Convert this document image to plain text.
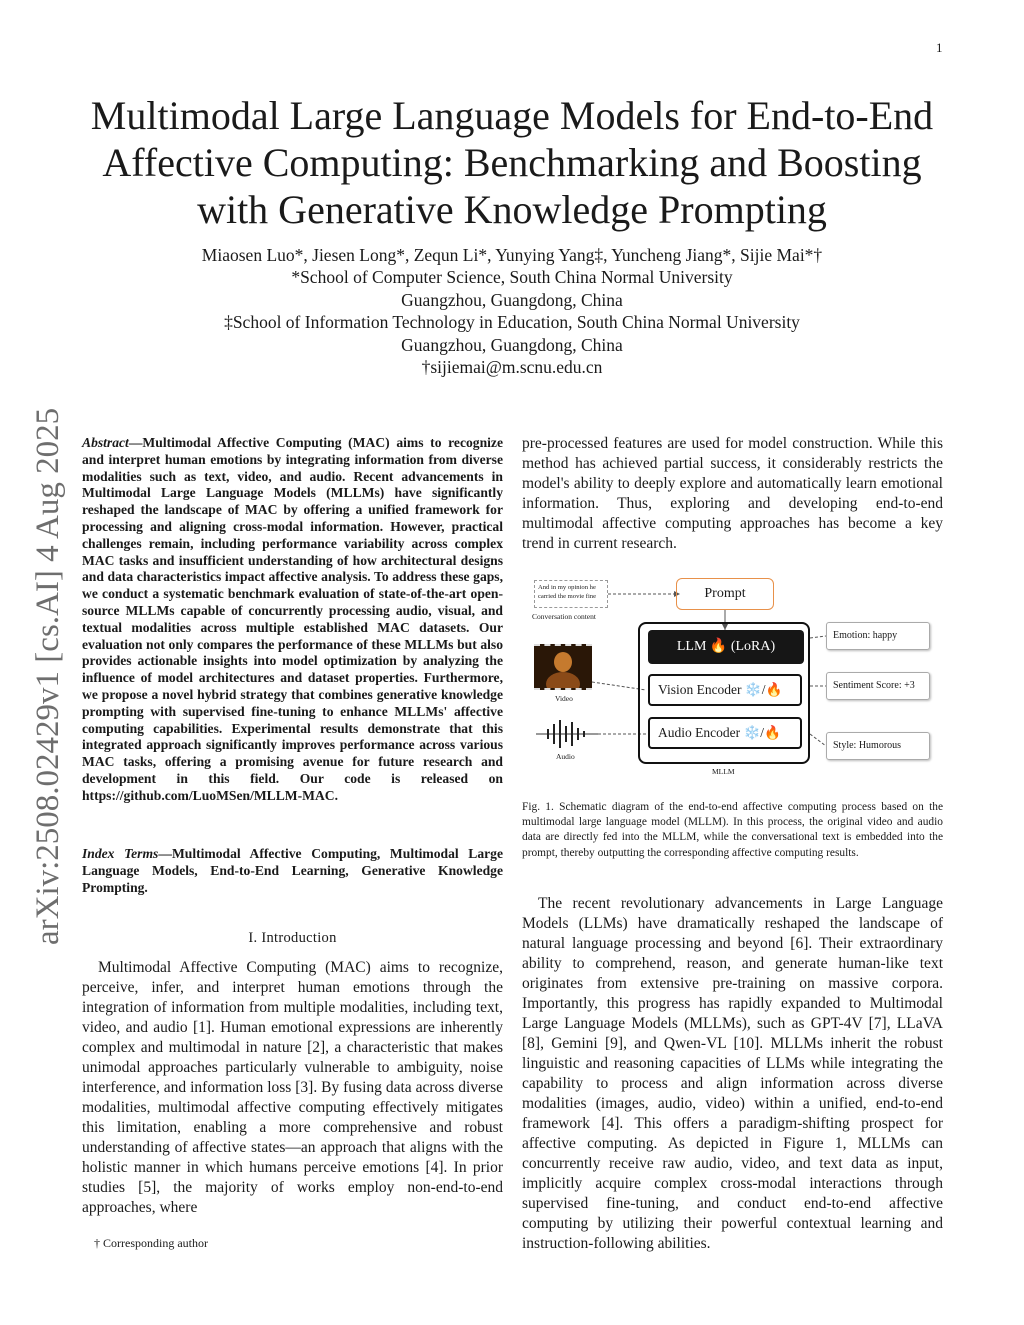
1
arXiv:2508.02429v1 [cs.AI] 4 Aug 2025
Multimodal Large Language Models for End-to-End
Affective Computing: Benchmarking and Boosting
with Generative Knowledge Prompting
Miaosen Luo*, Jiesen Long*, Zequn Li*, Yunying Yang‡, Yuncheng Jiang*, Sijie Mai*†
*School of Computer Science, South China Normal University
Guangzhou, Guangdong, China
‡School of Information Technology in Education, South China Normal University
Guangzhou, Guangdong, China
†sijiemai@m.scnu.edu.cn
Abstract—Multimodal Affective Computing (MAC) aims to recognize and interpret human emotions by integrating information from diverse modalities such as text, video, and audio. Recent advancements in Multimodal Large Language Models (MLLMs) have significantly reshaped the landscape of MAC by offering a unified framework for processing and aligning cross-modal information. However, practical challenges remain, including performance variability across complex MAC tasks and insufficient understanding of how architectural designs and data characteristics impact affective analysis. To address these gaps, we conduct a systematic benchmark evaluation of state-of-the-art open-source MLLMs capable of concurrently processing audio, visual, and textual modalities across multiple established MAC datasets. Our evaluation not only compares the performance of these MLLMs but also provides actionable insights into model optimization by analyzing the influence of model architectures and dataset properties. Furthermore, we propose a novel hybrid strategy that combines generative knowledge prompting with supervised fine-tuning to enhance MLLMs' affective computing capabilities. Experimental results demonstrate that this integrated approach significantly improves performance across various MAC tasks, offering a promising avenue for future research and development in this field. Our code is released on https://github.com/LuoMSen/MLLM-MAC.
Index Terms—Multimodal Affective Computing, Multimodal Large Language Models, End-to-End Learning, Generative Knowledge Prompting.
I. Introduction
Multimodal Affective Computing (MAC) aims to recognize, perceive, infer, and interpret human emotions through the integration of information from multiple modalities, including text, video, and audio [1]. Human emotional expressions are inherently complex and multimodal in nature [2], a characteristic that makes unimodal approaches particularly vulnerable to ambiguity, noise interference, and information loss [3]. By fusing data across diverse modalities, multimodal affective computing effectively mitigates this limitation, enabling a more comprehensive and robust understanding of affective states—an approach that aligns with the holistic manner in which humans perceive emotions [4]. In prior studies [5], the majority of works employ non-end-to-end approaches, where
† Corresponding author
pre-processed features are used for model construction. While this method has achieved partial success, it considerably restricts the model's ability to deeply explore and automatically learn emotional information. Thus, exploring and developing end-to-end multimodal affective computing approaches has become a key trend in current research.
And in my opinion he carried the movie fine
Conversation content
Prompt
LLM 🔥 (LoRA)
Vision Encoder ❄️/🔥
Audio Encoder ❄️/🔥
Video
Audio
MLLM
Emotion: happy
Sentiment Score: +3
Style: Humorous
Fig. 1. Schematic diagram of the end-to-end affective computing process based on the multimodal large language model (MLLM). In this process, the original video and audio data are directly fed into the MLLM, while the conversational text is embedded into the prompt, thereby outputting the corresponding affective computing results.
The recent revolutionary advancements in Large Language Models (LLMs) have dramatically reshaped the landscape of natural language processing and beyond [6]. Their extraordinary ability to comprehend, reason, and generate human-like text originates from extensive pre-training on massive corpora. Importantly, this progress has rapidly expanded to Multimodal Large Language Models (MLLMs), such as GPT-4V [7], LLaVA [8], Gemini [9], and Qwen-VL [10]. MLLMs inherit the robust linguistic and reasoning capacities of LLMs while integrating the capability to process and align information across diverse modalities (images, audio, video) within a unified, end-to-end framework [4]. This offers a paradigm-shifting prospect for affective computing. As depicted in Figure 1, MLLMs can concurrently receive raw audio, video, and text data as input, implicitly acquire complex cross-modal interactions through supervised fine-tuning, and conduct end-to-end affective computing by utilizing their powerful contextual learning and instruction-following abilities.
